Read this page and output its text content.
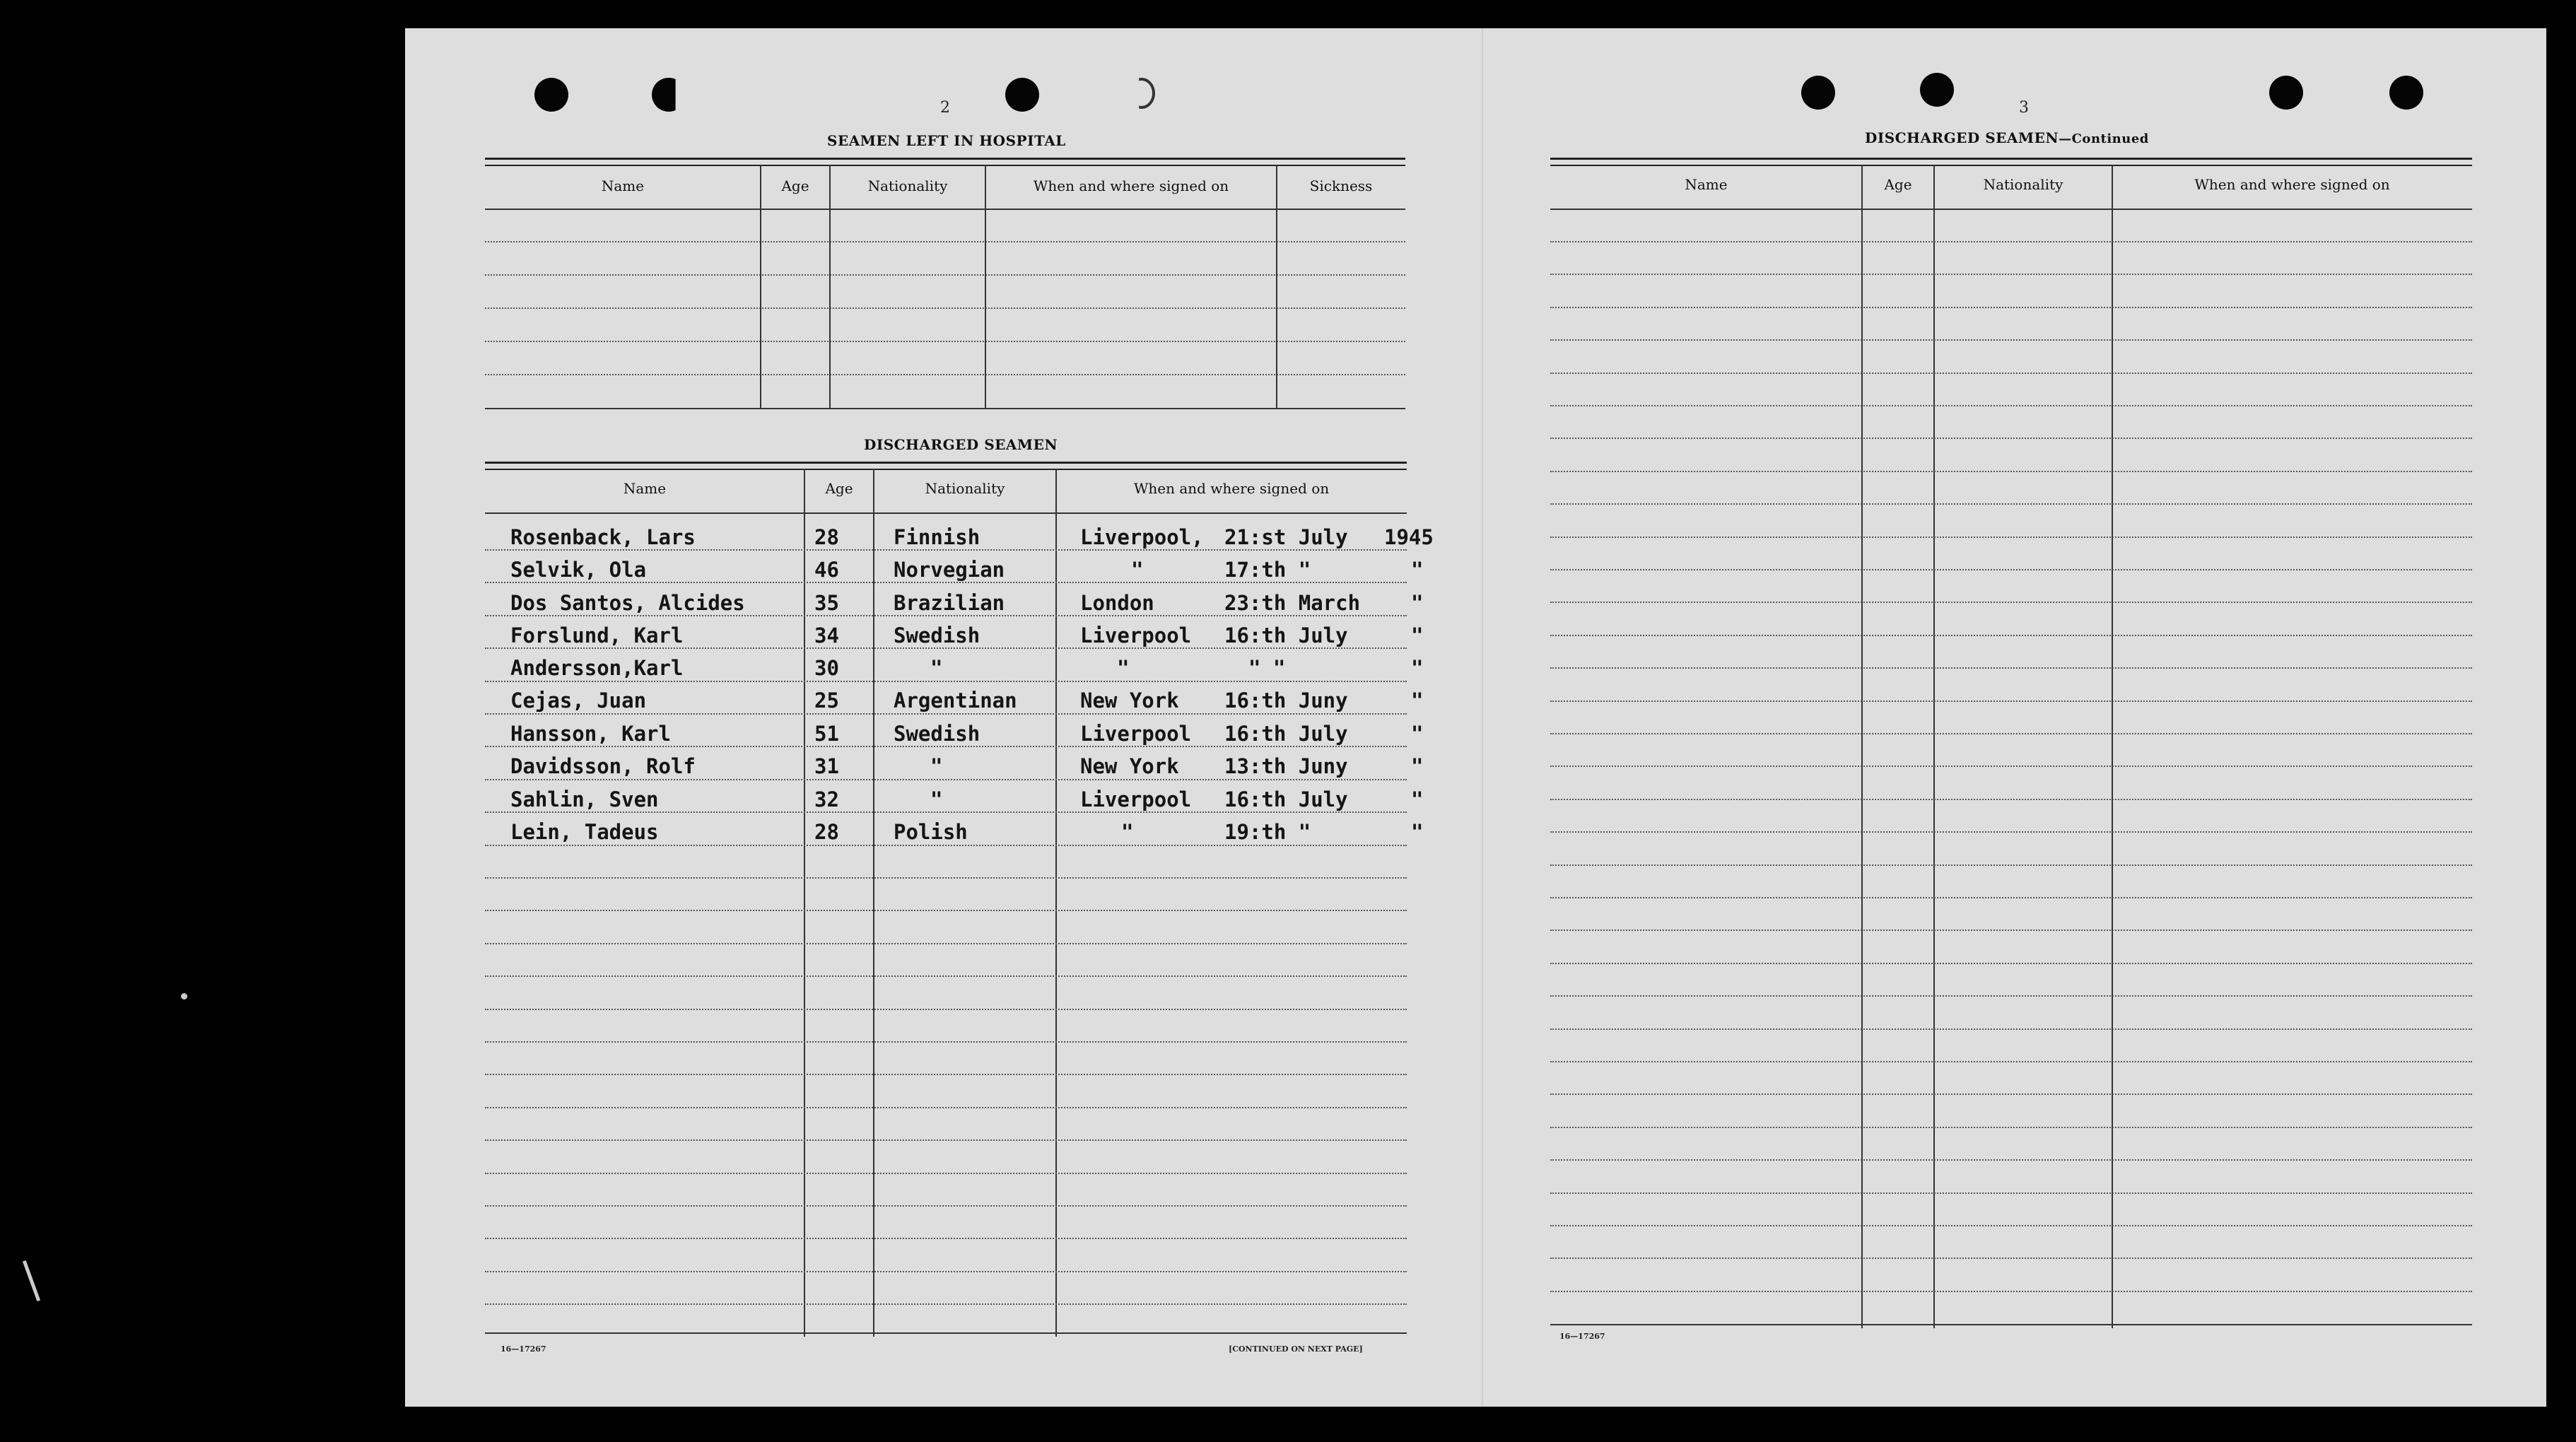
2
SEAMEN LEFT IN HOSPITAL
Name	Age	Nationality	When and where signed on	Sickness
DISCHARGED SEAMEN
Name	Age	Nationality	When and where signed on
Rosenback, Lars	28	Finnish	Liverpool, 21:st July 1945
Selvik, Ola	46	Norvegian	"	17:th "	"
Dos Santos, Alcides	35	Brazilian	London	23:th March "
Forslund, Karl	34	Swedish	Liverpool 16:th July	"
Andersson,Karl	30	"	"	" "	"
Cejas, Juan	25	Argentinan	New York 16:th Juny	"
Hansson, Karl	51	Swedish	Liverpool 16:th July	"
Davidsson, Rolf	31	"	New York 13:th Juny	"
Sahlin, Sven	32	"	Liverpool 16:th July	"
Lein, Tadeus	28	Polish	"	19:th "	"
16—17267	[CONTINUED ON NEXT PAGE]
3
DISCHARGED SEAMEN—Continued
Name	Age	Nationality	When and where signed on
16—17267
